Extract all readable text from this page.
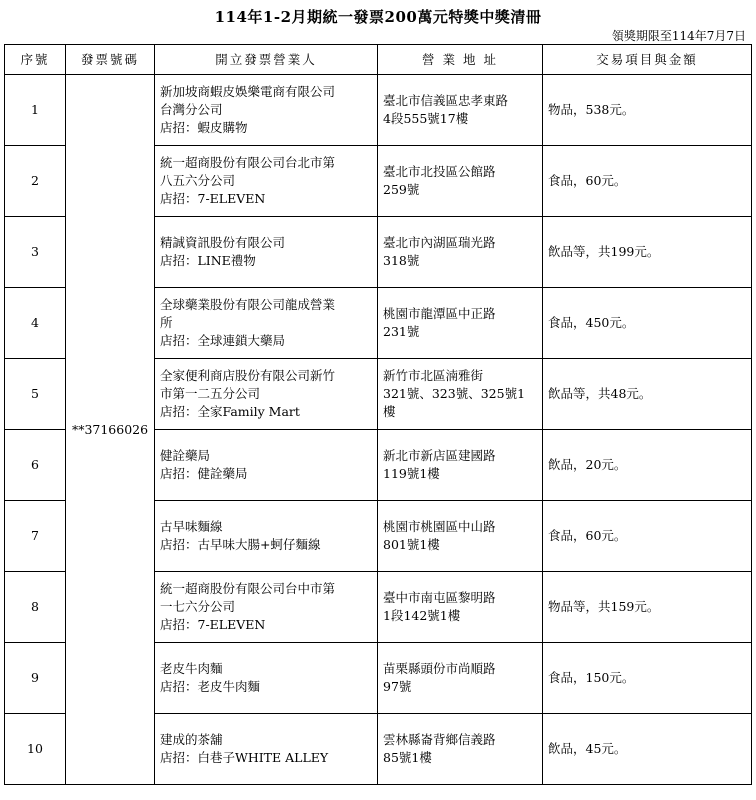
114年1-2月期統一發票200萬元特獎中獎清冊
領獎期限至114年7月7日
序號	發票號碼	開立發票營業人	營 業 地 址	交易項目與金額
1	**37166026	新加坡商蝦皮娛樂電商有限公司
台灣分公司
店招：蝦皮購物	臺北市信義區忠孝東路
4段555號17樓	物品，538元。
2		統一超商股份有限公司台北市第
八五六分公司
店招：7-ELEVEN	臺北市北投區公館路
259號	食品，60元。
3		精誠資訊股份有限公司
店招：LINE禮物	臺北市內湖區瑞光路
318號	飲品等，共199元。
4		全球藥業股份有限公司龍成營業
所
店招：全球連鎖大藥局	桃園市龍潭區中正路
231號	食品，450元。
5		全家便利商店股份有限公司新竹
市第一二五分公司
店招：全家Family Mart	新竹市北區湳雅街
321號、323號、325號1
樓	飲品等，共48元。
6		健詮藥局
店招：健詮藥局	新北市新店區建國路
119號1樓	飲品，20元。
7		古早味麵線
店招：古早味大腸+蚵仔麵線	桃園市桃園區中山路
801號1樓	食品，60元。
8		統一超商股份有限公司台中市第
一七六分公司
店招：7-ELEVEN	臺中市南屯區黎明路
1段142號1樓	物品等，共159元。
9		老皮牛肉麵
店招：老皮牛肉麵	苗栗縣頭份市尚順路
97號	食品，150元。
10		建成的茶舖
店招：白巷子WHITE ALLEY	雲林縣崙背鄉信義路
85號1樓	飲品，45元。
